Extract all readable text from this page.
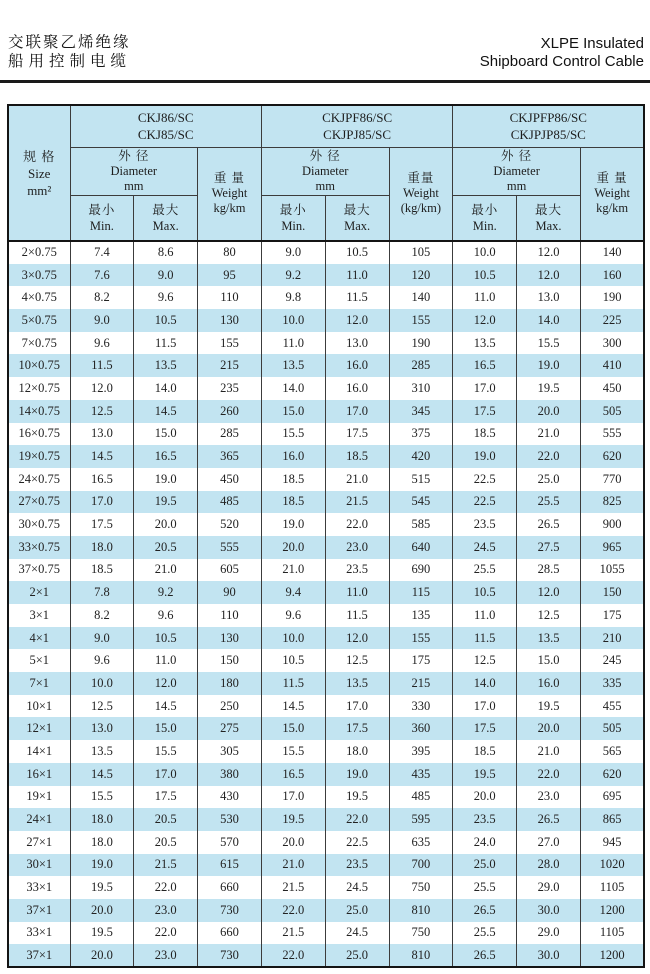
交联聚乙烯绝缘
船用控制电缆
XLPE Insulated
Shipboard Control Cable
规 格
Size
mm²	CKJ86/SC
CKJ85/SC			CKJPF86/SC
CKJPJ85/SC			CKJPFP86/SC
CKJPJP85/SC		

	外 径
Diameter
mm		重 量
Weight
kg/km	外 径
Diameter
mm		重量
Weight
(kg/km)	外 径
Diameter
mm		重 量
Weight
kg/km

	最小
Min.	最大
Max.		最小
Min.	最大
Max.		最小
Min.	最大
Max.	

2×0.75	7.4	8.6	80	9.0	10.5	105	10.0	12.0	140
3×0.75	7.6	9.0	95	9.2	11.0	120	10.5	12.0	160
4×0.75	8.2	9.6	110	9.8	11.5	140	11.0	13.0	190
5×0.75	9.0	10.5	130	10.0	12.0	155	12.0	14.0	225
7×0.75	9.6	11.5	155	11.0	13.0	190	13.5	15.5	300
10×0.75	11.5	13.5	215	13.5	16.0	285	16.5	19.0	410
12×0.75	12.0	14.0	235	14.0	16.0	310	17.0	19.5	450
14×0.75	12.5	14.5	260	15.0	17.0	345	17.5	20.0	505
16×0.75	13.0	15.0	285	15.5	17.5	375	18.5	21.0	555
19×0.75	14.5	16.5	365	16.0	18.5	420	19.0	22.0	620
24×0.75	16.5	19.0	450	18.5	21.0	515	22.5	25.0	770
27×0.75	17.0	19.5	485	18.5	21.5	545	22.5	25.5	825
30×0.75	17.5	20.0	520	19.0	22.0	585	23.5	26.5	900
33×0.75	18.0	20.5	555	20.0	23.0	640	24.5	27.5	965
37×0.75	18.5	21.0	605	21.0	23.5	690	25.5	28.5	1055
2×1	7.8	9.2	90	9.4	11.0	115	10.5	12.0	150
3×1	8.2	9.6	110	9.6	11.5	135	11.0	12.5	175
4×1	9.0	10.5	130	10.0	12.0	155	11.5	13.5	210
5×1	9.6	11.0	150	10.5	12.5	175	12.5	15.0	245
7×1	10.0	12.0	180	11.5	13.5	215	14.0	16.0	335
10×1	12.5	14.5	250	14.5	17.0	330	17.0	19.5	455
12×1	13.0	15.0	275	15.0	17.5	360	17.5	20.0	505
14×1	13.5	15.5	305	15.5	18.0	395	18.5	21.0	565
16×1	14.5	17.0	380	16.5	19.0	435	19.5	22.0	620
19×1	15.5	17.5	430	17.0	19.5	485	20.0	23.0	695
24×1	18.0	20.5	530	19.5	22.0	595	23.5	26.5	865
27×1	18.0	20.5	570	20.0	22.5	635	24.0	27.0	945
30×1	19.0	21.5	615	21.0	23.5	700	25.0	28.0	1020
33×1	19.5	22.0	660	21.5	24.5	750	25.5	29.0	1105
37×1	20.0	23.0	730	22.0	25.0	810	26.5	30.0	1200
33×1	19.5	22.0	660	21.5	24.5	750	25.5	29.0	1105
37×1	20.0	23.0	730	22.0	25.0	810	26.5	30.0	1200
